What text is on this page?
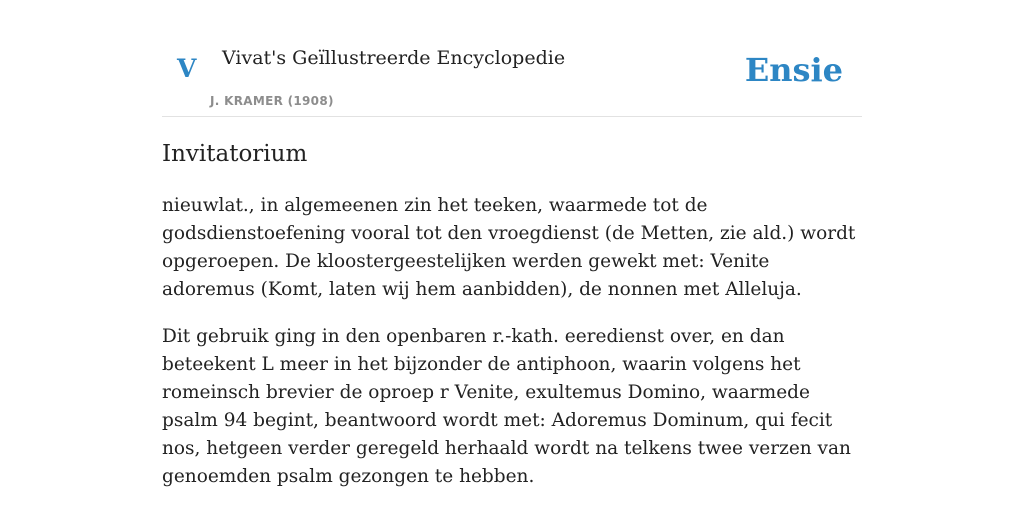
V Vivat's Geïllustreerde Encyclopedie
J. KRAMER (1908)
Ensie
Invitatorium

nieuwlat., in algemeenen zin het teeken, waarmede tot de godsdienstoefening vooral tot den vroegdienst (de Metten, zie ald.) wordt opgeroepen. De kloostergeestelijken werden gewekt met: Venite adoremus (Komt, laten wij hem aanbidden), de nonnen met Alleluja.

Dit gebruik ging in den openbaren r.-kath. eeredienst over, en dan beteekent L meer in het bijzonder de antiphoon, waarin volgens het romeinsch brevier de oproep r Venite, exultemus Domino, waarmede psalm 94 begint, beantwoord wordt met: Adoremus Dominum, qui fecit nos, hetgeen verder geregeld herhaald wordt na telkens twee verzen van genoemden psalm gezongen te hebben.
